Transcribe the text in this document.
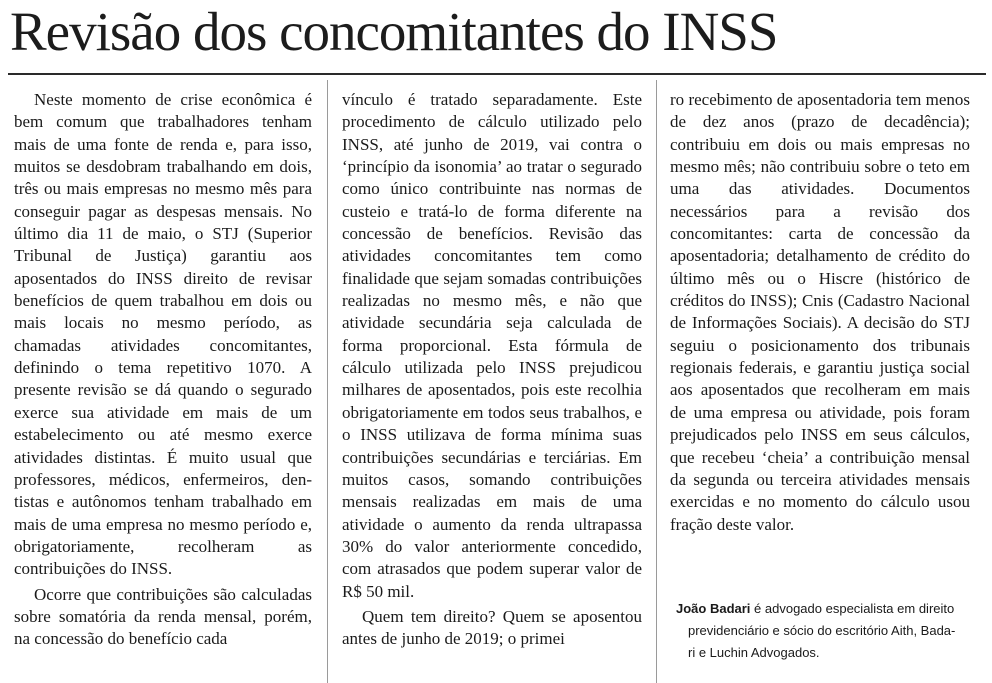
Revisão dos concomitantes do INSS

Neste momento de crise econômica é bem comum que trabalhadores tenham mais de uma fonte de renda e, para isso, muitos se desdobram trabalhando em dois, três ou mais empresas no mesmo mês para conseguir pagar as despesas mensais. No último dia 11 de maio, o STJ (Superior Tribunal de Justiça) garantiu aos aposentados do INSS direito de revisar benefícios de quem trabalhou em dois ou mais locais no mesmo período, as chamadas atividades concomitantes, definindo o tema repetitivo 1070. A presente revisão se dá quando o segurado exerce sua atividade em mais de um estabelecimento ou até mesmo exerce atividades distintas. É muito usual que professores, médicos, enfermeiros, dentistas e autônomos tenham trabalhado em mais de uma empresa no mesmo período e, obrigatoriamente, recolheram as contribuições do INSS.

Ocorre que contribuições são calculadas sobre somatória da renda mensal, porém, na concessão do benefício cada

vínculo é tratado separadamente. Este procedimento de cálculo utilizado pelo INSS, até junho de 2019, vai contra o ‘princípio da isonomia’ ao tratar o segurado como único contribuinte nas normas de custeio e tratá-lo de forma diferente na concessão de benefícios. Revisão das atividades concomitantes tem como finalidade que sejam somadas contribuições realizadas no mesmo mês, e não que atividade secundária seja calculada de forma proporcional. Esta fórmula de cálculo utilizada pelo INSS prejudicou milhares de aposentados, pois este recolhia obrigatoriamente em todos seus trabalhos, e o INSS utilizava de forma mínima suas contribuições secundárias e terciárias. Em muitos casos, somando contribuições mensais realizadas em mais de uma atividade o aumento da renda ultrapassa 30% do valor anteriormente concedido, com atrasados que podem superar valor de R$ 50 mil.

Quem tem direito? Quem se aposentou antes de junho de 2019; o primei

ro recebimento de aposentadoria tem menos de dez anos (prazo de decadência); contribuiu em dois ou mais empresas no mesmo mês; não contribuiu sobre o teto em uma das atividades. Documentos necessários para a revisão dos concomitantes: carta de concessão da aposentadoria; detalhamento de crédito do último mês ou o Hiscre (histórico de créditos do INSS); Cnis (Cadastro Nacional de Informações Sociais). A decisão do STJ seguiu o posicionamento dos tribunais regionais federais, e garantiu justiça social aos aposentados que recolheram em mais de uma empresa ou atividade, pois foram prejudicados pelo INSS em seus cálculos, que recebeu ‘cheia’ a contribuição mensal da segunda ou terceira atividades mensais exercidas e no momento do cálculo usou fração deste valor.

João Badari é advogado especialista em direito
previdenciário e sócio do escritório Aith, Bada-
ri e Luchin Advogados.
